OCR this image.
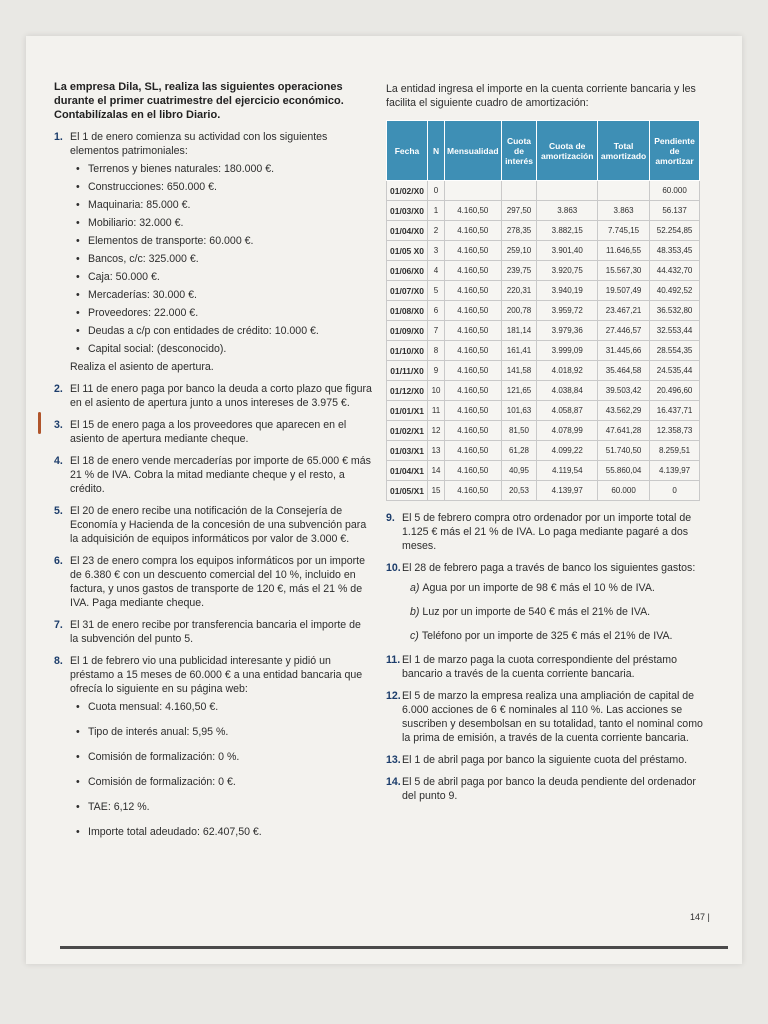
La empresa Dila, SL, realiza las siguientes operaciones durante el primer cuatrimestre del ejercicio económico. Contabilízalas en el libro Diario.

1. El 1 de enero comienza su actividad con los siguientes elementos patrimoniales:
• Terrenos y bienes naturales: 180.000 €.
• Construcciones: 650.000 €.
• Maquinaria: 85.000 €.
• Mobiliario: 32.000 €.
• Elementos de transporte: 60.000 €.
• Bancos, c/c: 325.000 €.
• Caja: 50.000 €.
• Mercaderías: 30.000 €.
• Proveedores: 22.000 €.
• Deudas a c/p con entidades de crédito: 10.000 €.
• Capital social: (desconocido).
Realiza el asiento de apertura.
2. El 11 de enero paga por banco la deuda a corto plazo que figura en el asiento de apertura junto a unos intereses de 3.975 €.
3. El 15 de enero paga a los proveedores que aparecen en el asiento de apertura mediante cheque.
4. El 18 de enero vende mercaderías por importe de 65.000 € más 21 % de IVA. Cobra la mitad mediante cheque y el resto, a crédito.
5. El 20 de enero recibe una notificación de la Consejería de Economía y Hacienda de la concesión de una subvención para la adquisición de equipos informáticos por valor de 3.000 €.
6. El 23 de enero compra los equipos informáticos por un importe de 6.380 € con un descuento comercial del 10 %, incluido en factura, y unos gastos de transporte de 120 €, más el 21 % de IVA. Paga mediante cheque.
7. El 31 de enero recibe por transferencia bancaria el importe de la subvención del punto 5.
8. El 1 de febrero vio una publicidad interesante y pidió un préstamo a 15 meses de 60.000 € a una entidad bancaria que ofrecía lo siguiente en su página web:
• Cuota mensual: 4.160,50 €.
• Tipo de interés anual: 5,95 %.
• Comisión de formalización: 0 %.
• Comisión de formalización: 0 €.
• TAE: 6,12 %.
• Importe total adeudado: 62.407,50 €.

La entidad ingresa el importe en la cuenta corriente bancaria y les facilita el siguiente cuadro de amortización:

Fecha	N	Mensualidad	Cuota de interés	Cuota de amortización	Total amortizado	Pendiente de amortizar
01/02/X0	0					60.000
01/03/X0	1	4.160,50	297,50	3.863	3.863	56.137
01/04/X0	2	4.160,50	278,35	3.882,15	7.745,15	52.254,85
01/05 X0	3	4.160,50	259,10	3.901,40	11.646,55	48.353,45
01/06/X0	4	4.160,50	239,75	3.920,75	15.567,30	44.432,70
01/07/X0	5	4.160,50	220,31	3.940,19	19.507,49	40.492,52
01/08/X0	6	4.160,50	200,78	3.959,72	23.467,21	36.532,80
01/09/X0	7	4.160,50	181,14	3.979,36	27.446,57	32.553,44
01/10/X0	8	4.160,50	161,41	3.999,09	31.445,66	28.554,35
01/11/X0	9	4.160,50	141,58	4.018,92	35.464,58	24.535,44
01/12/X0	10	4.160,50	121,65	4.038,84	39.503,42	20.496,60
01/01/X1	11	4.160,50	101,63	4.058,87	43.562,29	16.437,71
01/02/X1	12	4.160,50	81,50	4.078,99	47.641,28	12.358,73
01/03/X1	13	4.160,50	61,28	4.099,22	51.740,50	8.259,51
01/04/X1	14	4.160,50	40,95	4.119,54	55.860,04	4.139,97
01/05/X1	15	4.160,50	20,53	4.139,97	60.000	0
9. El 5 de febrero compra otro ordenador por un importe total de 1.125 € más el 21 % de IVA. Lo paga mediante pagaré a dos meses.
10. El 28 de febrero paga a través de banco los siguientes gastos:
a) Agua por un importe de 98 € más el 10 % de IVA.
b) Luz por un importe de 540 € más el 21% de IVA.
c) Teléfono por un importe de 325 € más el 21% de IVA.
11. El 1 de marzo paga la cuota correspondiente del préstamo bancario a través de la cuenta corriente bancaria.
12. El 5 de marzo la empresa realiza una ampliación de capital de 6.000 acciones de 6 € nominales al 110 %. Las acciones se suscriben y desembolsan en su totalidad, tanto el nominal como la prima de emisión, a través de la cuenta corriente bancaria.
13. El 1 de abril paga por banco la siguiente cuota del préstamo.
14. El 5 de abril paga por banco la deuda pendiente del ordenador del punto 9.
147 |
